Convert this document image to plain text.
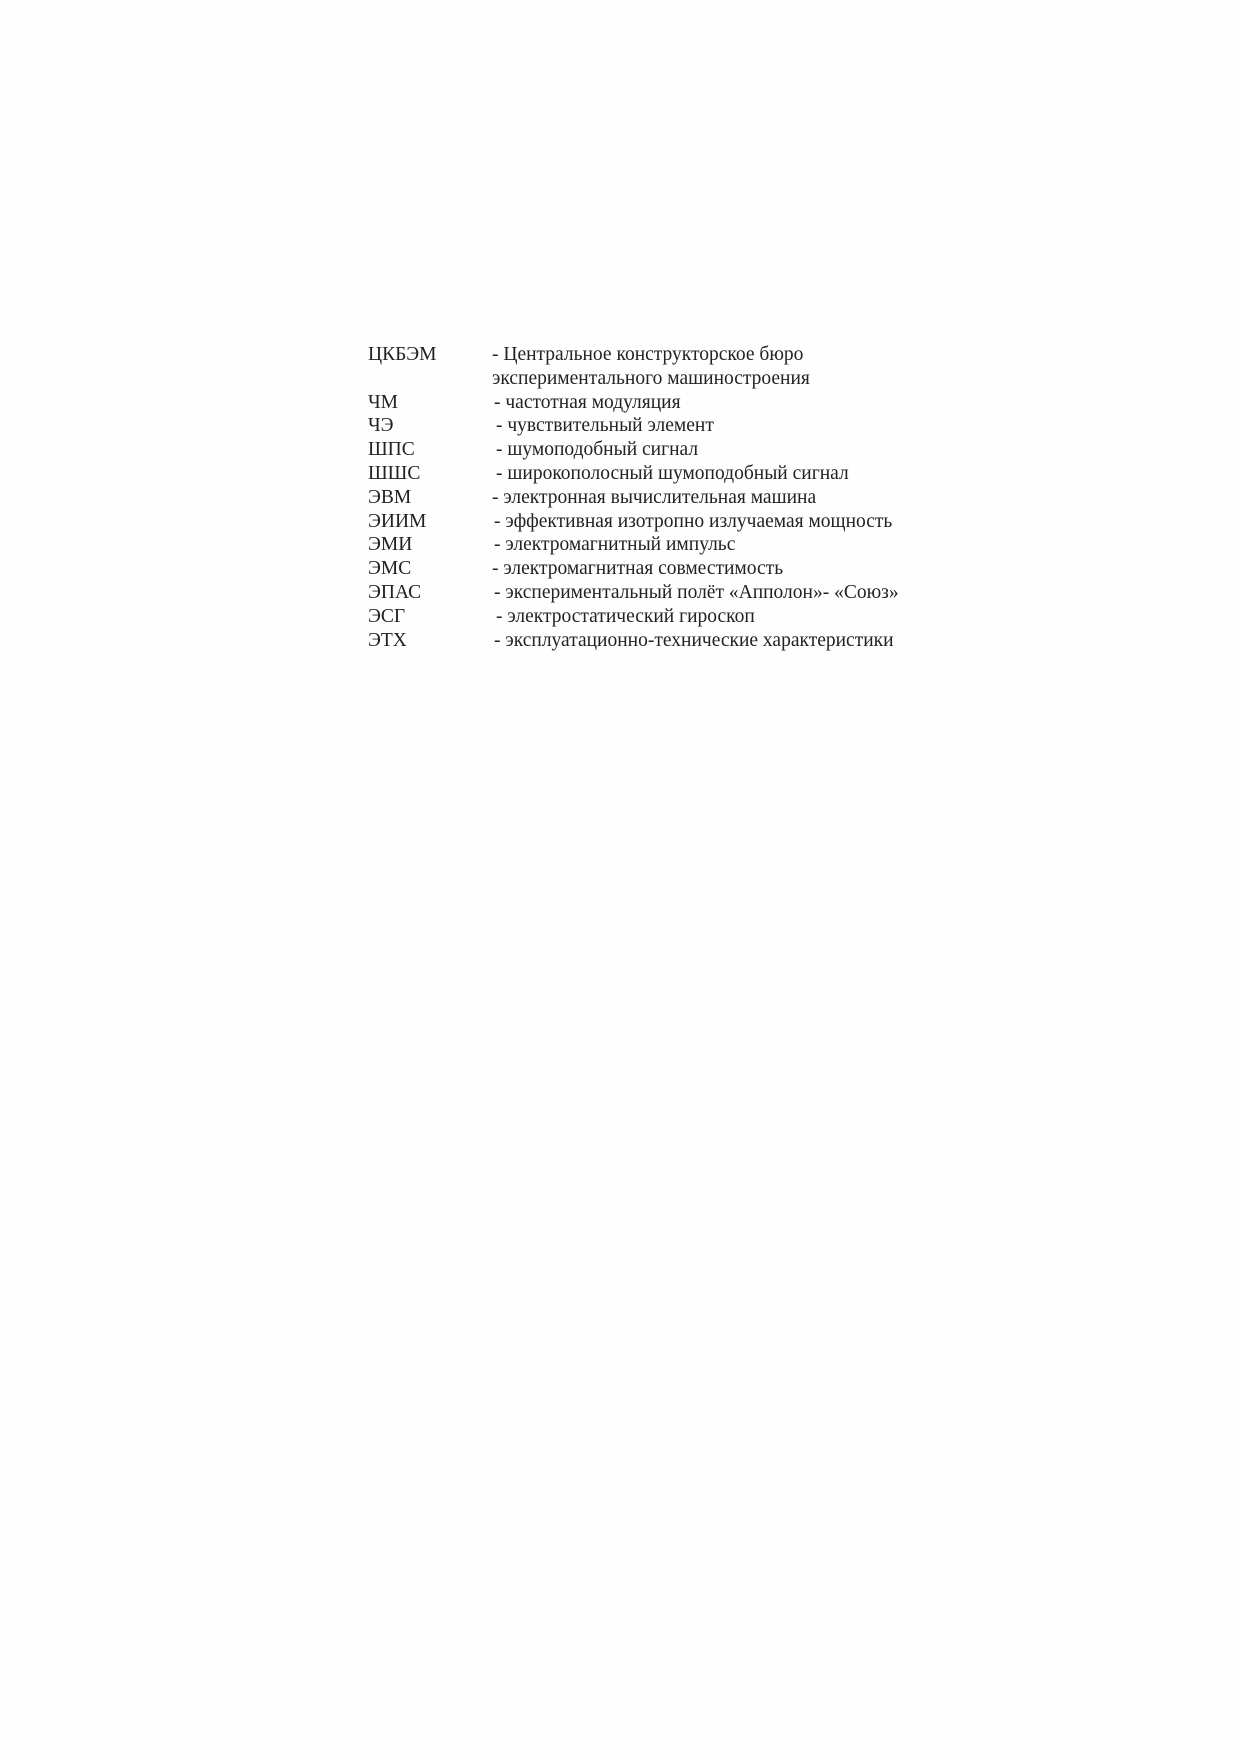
ЦКБЭМ	- Центральное конструкторское бюро
экспериментального машиностроения
ЧМ	- частотная модуляция
ЧЭ	- чувствительный элемент
ШПС	- шумоподобный сигнал
ШШС	- широкополосный шумоподобный сигнал
ЭВМ	- электронная вычислительная машина
ЭИИМ	- эффективная изотропно излучаемая мощность
ЭМИ	- электромагнитный импульс
ЭМС	- электромагнитная совместимость
ЭПАС	- экспериментальный полёт «Апполон»- «Союз»
ЭСГ	- электростатический гироскоп
ЭТХ	- эксплуатационно-технические характеристики
